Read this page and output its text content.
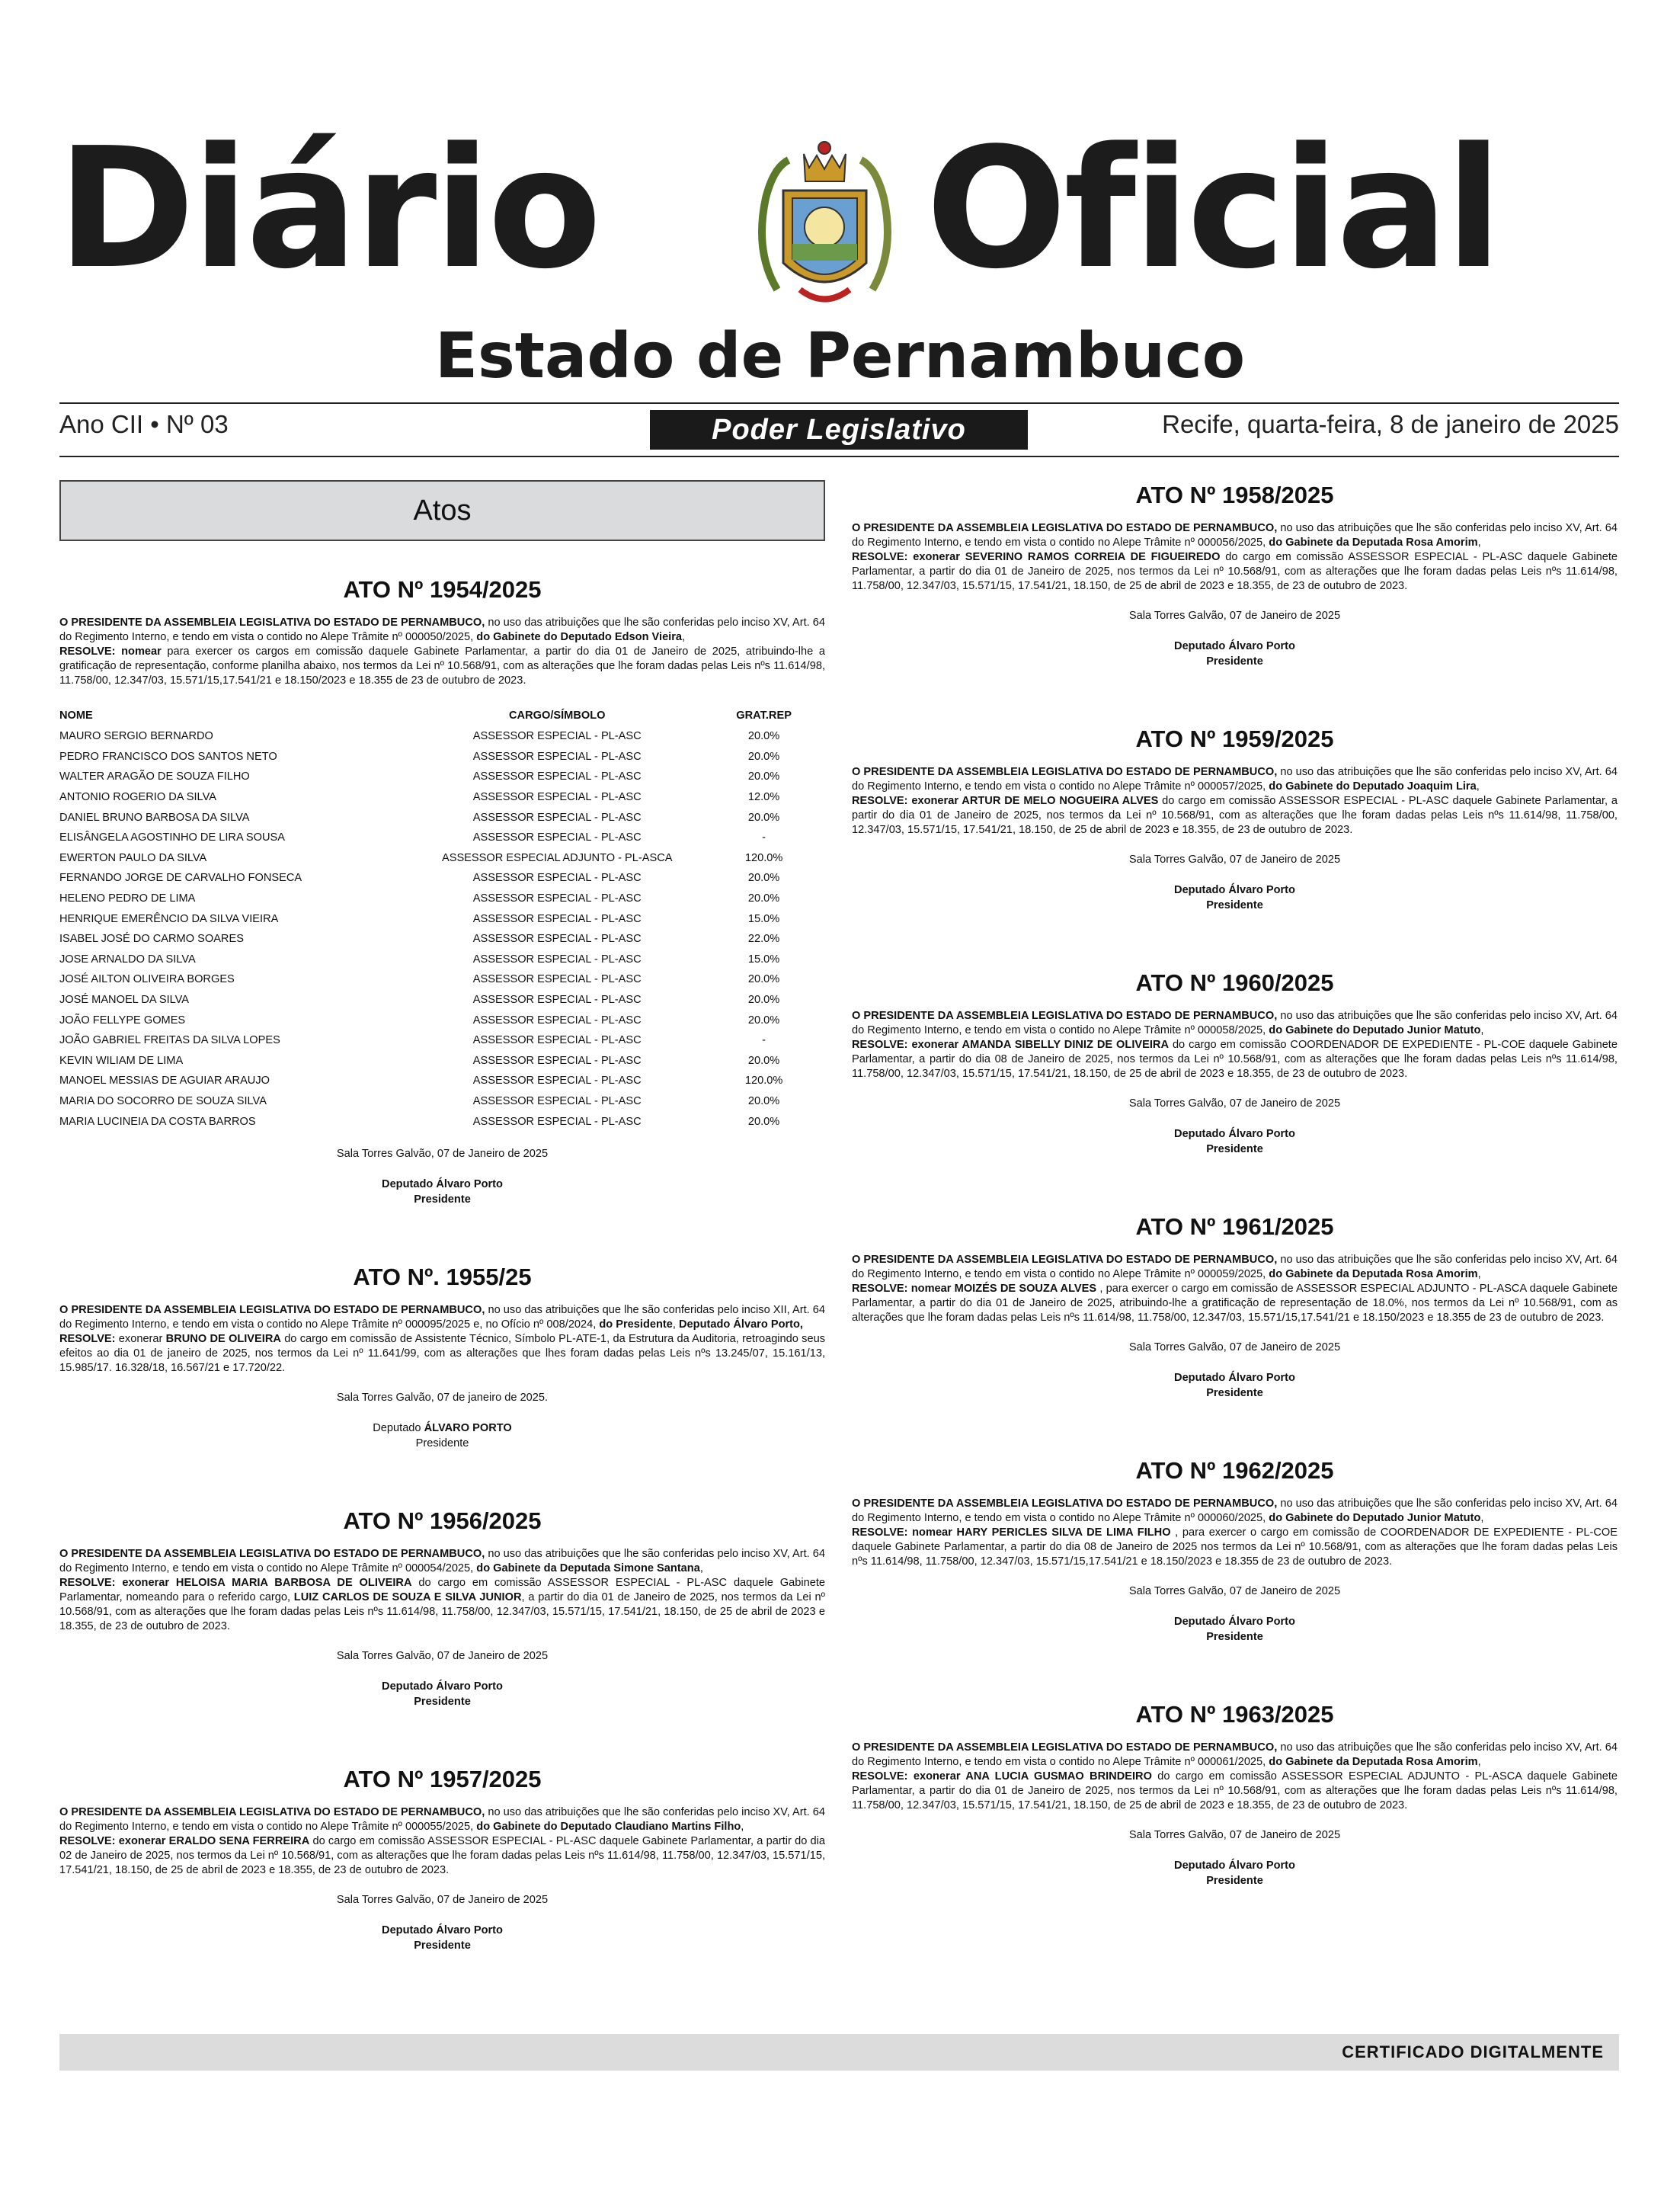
Diário Oficial
Estado de Pernambuco
Ano CII • Nº 03	Poder Legislativo	Recife, quarta-feira, 8 de janeiro de 2025
Atos
ATO Nº 1954/2025

O PRESIDENTE DA ASSEMBLEIA LEGISLATIVA DO ESTADO DE PERNAMBUCO, no uso das atribuições que lhe são conferidas pelo inciso XV, Art. 64 do Regimento Interno, e tendo em vista o contido no Alepe Trâmite nº 000050/2025, do Gabinete do Deputado Edson Vieira,
RESOLVE: nomear para exercer os cargos em comissão daquele Gabinete Parlamentar, a partir do dia 01 de Janeiro de 2025, atribuindo-lhe a gratificação de representação, conforme planilha abaixo, nos termos da Lei nº 10.568/91, com as alterações que lhe foram dadas pelas Leis nºs 11.614/98, 11.758/00, 12.347/03, 15.571/15,17.541/21 e 18.150/2023 e 18.355 de 23 de outubro de 2023.

NOME	CARGO/SÍMBOLO	GRAT.REP
MAURO SERGIO BERNARDO	ASSESSOR ESPECIAL - PL-ASC	20.0%
PEDRO FRANCISCO DOS SANTOS NETO	ASSESSOR ESPECIAL - PL-ASC	20.0%
WALTER ARAGÃO DE SOUZA FILHO	ASSESSOR ESPECIAL - PL-ASC	20.0%
ANTONIO ROGERIO DA SILVA	ASSESSOR ESPECIAL - PL-ASC	12.0%
DANIEL BRUNO BARBOSA DA SILVA	ASSESSOR ESPECIAL - PL-ASC	20.0%
ELISÂNGELA AGOSTINHO DE LIRA SOUSA	ASSESSOR ESPECIAL - PL-ASC	-
EWERTON PAULO DA SILVA	ASSESSOR ESPECIAL ADJUNTO - PL-ASCA	120.0%
FERNANDO JORGE DE CARVALHO FONSECA	ASSESSOR ESPECIAL - PL-ASC	20.0%
HELENO PEDRO DE LIMA	ASSESSOR ESPECIAL - PL-ASC	20.0%
HENRIQUE EMERÊNCIO DA SILVA VIEIRA	ASSESSOR ESPECIAL - PL-ASC	15.0%
ISABEL JOSÉ DO CARMO SOARES	ASSESSOR ESPECIAL - PL-ASC	22.0%
JOSE ARNALDO DA SILVA	ASSESSOR ESPECIAL - PL-ASC	15.0%
JOSÉ AILTON OLIVEIRA BORGES	ASSESSOR ESPECIAL - PL-ASC	20.0%
JOSÉ MANOEL DA SILVA	ASSESSOR ESPECIAL - PL-ASC	20.0%
JOÃO FELLYPE GOMES	ASSESSOR ESPECIAL - PL-ASC	20.0%
JOÃO GABRIEL FREITAS DA SILVA LOPES	ASSESSOR ESPECIAL - PL-ASC	-
KEVIN WILIAM DE LIMA	ASSESSOR ESPECIAL - PL-ASC	20.0%
MANOEL MESSIAS DE AGUIAR ARAUJO	ASSESSOR ESPECIAL - PL-ASC	120.0%
MARIA DO SOCORRO DE SOUZA SILVA	ASSESSOR ESPECIAL - PL-ASC	20.0%
MARIA LUCINEIA DA COSTA BARROS	ASSESSOR ESPECIAL - PL-ASC	20.0%
Sala Torres Galvão, 07 de Janeiro de 2025
Deputado Álvaro Porto
Presidente
ATO Nº. 1955/25

O PRESIDENTE DA ASSEMBLEIA LEGISLATIVA DO ESTADO DE PERNAMBUCO, no uso das atribuições que lhe são conferidas pelo inciso XII, Art. 64 do Regimento Interno, e tendo em vista o contido no Alepe Trâmite nº 000095/2025 e, no Ofício nº 008/2024, do Presidente, Deputado Álvaro Porto,
RESOLVE: exonerar BRUNO DE OLIVEIRA do cargo em comissão de Assistente Técnico, Símbolo PL-ATE-1, da Estrutura da Auditoria, retroagindo seus efeitos ao dia 01 de janeiro de 2025, nos termos da Lei nº 11.641/99, com as alterações que lhes foram dadas pelas Leis nºs 13.245/07, 15.161/13, 15.985/17. 16.328/18, 16.567/21 e 17.720/22.

Sala Torres Galvão, 07 de janeiro de 2025.
Deputado ÁLVARO PORTO
Presidente
ATO Nº 1956/2025

O PRESIDENTE DA ASSEMBLEIA LEGISLATIVA DO ESTADO DE PERNAMBUCO, no uso das atribuições que lhe são conferidas pelo inciso XV, Art. 64 do Regimento Interno, e tendo em vista o contido no Alepe Trâmite nº 000054/2025, do Gabinete da Deputada Simone Santana,
RESOLVE: exonerar HELOISA MARIA BARBOSA DE OLIVEIRA do cargo em comissão ASSESSOR ESPECIAL - PL-ASC daquele Gabinete Parlamentar, nomeando para o referido cargo, LUIZ CARLOS DE SOUZA E SILVA JUNIOR, a partir do dia 01 de Janeiro de 2025, nos termos da Lei nº 10.568/91, com as alterações que lhe foram dadas pelas Leis nºs 11.614/98, 11.758/00, 12.347/03, 15.571/15, 17.541/21, 18.150, de 25 de abril de 2023 e 18.355, de 23 de outubro de 2023.

Sala Torres Galvão, 07 de Janeiro de 2025
Deputado Álvaro Porto
Presidente
ATO Nº 1957/2025

O PRESIDENTE DA ASSEMBLEIA LEGISLATIVA DO ESTADO DE PERNAMBUCO, no uso das atribuições que lhe são conferidas pelo inciso XV, Art. 64 do Regimento Interno, e tendo em vista o contido no Alepe Trâmite nº 000055/2025, do Gabinete do Deputado Claudiano Martins Filho,
RESOLVE: exonerar ERALDO SENA FERREIRA do cargo em comissão ASSESSOR ESPECIAL - PL-ASC daquele Gabinete Parlamentar, a partir do dia 02 de Janeiro de 2025, nos termos da Lei nº 10.568/91, com as alterações que lhe foram dadas pelas Leis nºs 11.614/98, 11.758/00, 12.347/03, 15.571/15, 17.541/21, 18.150, de 25 de abril de 2023 e 18.355, de 23 de outubro de 2023.

Sala Torres Galvão, 07 de Janeiro de 2025
Deputado Álvaro Porto
Presidente
ATO Nº 1958/2025

O PRESIDENTE DA ASSEMBLEIA LEGISLATIVA DO ESTADO DE PERNAMBUCO, no uso das atribuições que lhe são conferidas pelo inciso XV, Art. 64 do Regimento Interno, e tendo em vista o contido no Alepe Trâmite nº 000056/2025, do Gabinete da Deputada Rosa Amorim,
RESOLVE: exonerar SEVERINO RAMOS CORREIA DE FIGUEIREDO do cargo em comissão ASSESSOR ESPECIAL - PL-ASC daquele Gabinete Parlamentar, a partir do dia 01 de Janeiro de 2025, nos termos da Lei nº 10.568/91, com as alterações que lhe foram dadas pelas Leis nºs 11.614/98, 11.758/00, 12.347/03, 15.571/15, 17.541/21, 18.150, de 25 de abril de 2023 e 18.355, de 23 de outubro de 2023.

Sala Torres Galvão, 07 de Janeiro de 2025
Deputado Álvaro Porto
Presidente
ATO Nº 1959/2025

O PRESIDENTE DA ASSEMBLEIA LEGISLATIVA DO ESTADO DE PERNAMBUCO, no uso das atribuições que lhe são conferidas pelo inciso XV, Art. 64 do Regimento Interno, e tendo em vista o contido no Alepe Trâmite nº 000057/2025, do Gabinete do Deputado Joaquim Lira,
RESOLVE: exonerar ARTUR DE MELO NOGUEIRA ALVES do cargo em comissão ASSESSOR ESPECIAL - PL-ASC daquele Gabinete Parlamentar, a partir do dia 01 de Janeiro de 2025, nos termos da Lei nº 10.568/91, com as alterações que lhe foram dadas pelas Leis nºs 11.614/98, 11.758/00, 12.347/03, 15.571/15, 17.541/21, 18.150, de 25 de abril de 2023 e 18.355, de 23 de outubro de 2023.

Sala Torres Galvão, 07 de Janeiro de 2025
Deputado Álvaro Porto
Presidente
ATO Nº 1960/2025

O PRESIDENTE DA ASSEMBLEIA LEGISLATIVA DO ESTADO DE PERNAMBUCO, no uso das atribuições que lhe são conferidas pelo inciso XV, Art. 64 do Regimento Interno, e tendo em vista o contido no Alepe Trâmite nº 000058/2025, do Gabinete do Deputado Junior Matuto,
RESOLVE: exonerar AMANDA SIBELLY DINIZ DE OLIVEIRA do cargo em comissão COORDENADOR DE EXPEDIENTE - PL-COE daquele Gabinete Parlamentar, a partir do dia 08 de Janeiro de 2025, nos termos da Lei nº 10.568/91, com as alterações que lhe foram dadas pelas Leis nºs 11.614/98, 11.758/00, 12.347/03, 15.571/15, 17.541/21, 18.150, de 25 de abril de 2023 e 18.355, de 23 de outubro de 2023.

Sala Torres Galvão, 07 de Janeiro de 2025
Deputado Álvaro Porto
Presidente
ATO Nº 1961/2025

O PRESIDENTE DA ASSEMBLEIA LEGISLATIVA DO ESTADO DE PERNAMBUCO, no uso das atribuições que lhe são conferidas pelo inciso XV, Art. 64 do Regimento Interno, e tendo em vista o contido no Alepe Trâmite nº 000059/2025, do Gabinete da Deputada Rosa Amorim,
RESOLVE: nomear MOIZÉS DE SOUZA ALVES , para exercer o cargo em comissão de ASSESSOR ESPECIAL ADJUNTO - PL-ASCA daquele Gabinete Parlamentar, a partir do dia 01 de Janeiro de 2025, atribuindo-lhe a gratificação de representação de 18.0%, nos termos da Lei nº 10.568/91, com as alterações que lhe foram dadas pelas Leis nºs 11.614/98, 11.758/00, 12.347/03, 15.571/15,17.541/21 e 18.150/2023 e 18.355 de 23 de outubro de 2023.

Sala Torres Galvão, 07 de Janeiro de 2025
Deputado Álvaro Porto
Presidente
ATO Nº 1962/2025

O PRESIDENTE DA ASSEMBLEIA LEGISLATIVA DO ESTADO DE PERNAMBUCO, no uso das atribuições que lhe são conferidas pelo inciso XV, Art. 64 do Regimento Interno, e tendo em vista o contido no Alepe Trâmite nº 000060/2025, do Gabinete do Deputado Junior Matuto,
RESOLVE: nomear HARY PERICLES SILVA DE LIMA FILHO , para exercer o cargo em comissão de COORDENADOR DE EXPEDIENTE - PL-COE daquele Gabinete Parlamentar, a partir do dia 08 de Janeiro de 2025 nos termos da Lei nº 10.568/91, com as alterações que lhe foram dadas pelas Leis nºs 11.614/98, 11.758/00, 12.347/03, 15.571/15,17.541/21 e 18.150/2023 e 18.355 de 23 de outubro de 2023.

Sala Torres Galvão, 07 de Janeiro de 2025
Deputado Álvaro Porto
Presidente
ATO Nº 1963/2025

O PRESIDENTE DA ASSEMBLEIA LEGISLATIVA DO ESTADO DE PERNAMBUCO, no uso das atribuições que lhe são conferidas pelo inciso XV, Art. 64 do Regimento Interno, e tendo em vista o contido no Alepe Trâmite nº 000061/2025, do Gabinete da Deputada Rosa Amorim,
RESOLVE: exonerar ANA LUCIA GUSMAO BRINDEIRO do cargo em comissão ASSESSOR ESPECIAL ADJUNTO - PL-ASCA daquele Gabinete Parlamentar, a partir do dia 01 de Janeiro de 2025, nos termos da Lei nº 10.568/91, com as alterações que lhe foram dadas pelas Leis nºs 11.614/98, 11.758/00, 12.347/03, 15.571/15, 17.541/21, 18.150, de 25 de abril de 2023 e 18.355, de 23 de outubro de 2023.

Sala Torres Galvão, 07 de Janeiro de 2025
Deputado Álvaro Porto
Presidente
CERTIFICADO DIGITALMENTE
